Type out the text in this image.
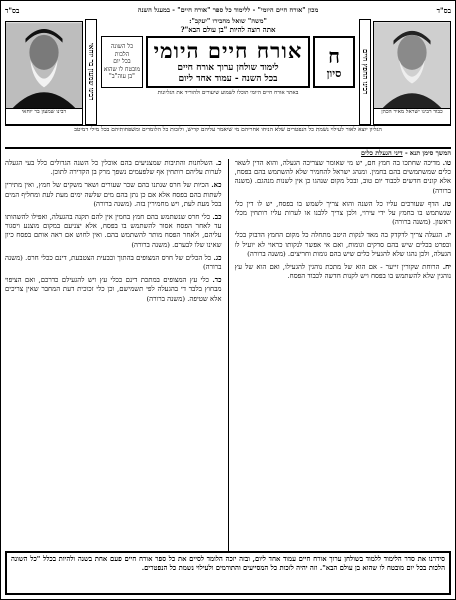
בס"ד
מכון "אורח חיים היומי" - ללימוד כל ספר "אורח חיים" - במעגל השנה
בס"ד
כבוד רבינו ישראל מאיר הכהן
רבינו החפץ חיים
רבינו שמעון בר יוחאי
רבינו שמעון בר יוחאי
"משה" שואל מחבירו "יעקב":
אתה רוצה להיות "בן עולם הבא"?
ח
סיון
אורח חיים היומי
לימוד שולחן ערוך אורח חיים
בכל השנה - עמוד אחד ליום
כל השונה
הלכות
בכל יום
מובטח לו שהוא
"בן עוה"ב"
באתר אורח חיים היומי תוכלו לשמוע שיעורים ולהוריד את הגליונות
הגליון יוצא לאור לעילוי נשמת כל הנפטרים שלא הניחו אחריהם מי שיאמר עליהם קדיש, ולזכות כל הלומדים ומשפחותיהם בכל מילי דמיטב
המשך סימן תנא
-
דיני הגעלת כלים

טו. מדיכה שחתכו בה חמץ חם, יש מי שאומר שצריכה הגעלה, והוא הדין לשאר כלים שמשתמשים בהם בחמין. ומנהג ישראל להחמיר שלא להשתמש בהם בפסח, אלא קונים חדשים לכבוד יום טוב, ובכל מקום שנהגו כן אין לשנות מנהגם. (משנה ברורה)

טז. הדף שעורכים עליו כל השנה והוא צריך לשמש בו בפסח, יש לו דין כלי שנשתמש בו בחמץ על ידי עירוי, ולכן צריך ללבנו או לערות עליו רותחין מכלי ראשון. (משנה ברורה)

יז. הגעלה צריך לדקדק בה מאד לנקות היטב מתחלה כל מקום החמץ הדבוק בכלי ובפרט בכלים שיש בהם סדקים וגומות, ואם אי אפשר לנקותו כראוי לא יועיל לו הגעלה, ולכן נהגו שלא להגעיל כלים שיש בהם גומות וחריצים. (משנה ברורה)

יח. הרוחת שקורין זייער - אם הוא של מתכת נוהגין להגעילו, ואם הוא של עץ נוהגין שלא להשתמש בו בפסח ויש לקנות חדשה לכבוד הפסח.

כ. השלחנות והתיבות שמצניעים בהם אוכלין כל השנה הגדולים כלל בעי הגעלה לערות עליהם רותחין אף שלפעמים נשפך מרק בן הקדירה לתוכן.

כא. הכיות של חרס שנתנו בהם שכר שעורים ושאר משקים של חמץ, ואין מתירין לשתות בהם בפסח אלא אם כן נתן בהם מים שלשה ימים מעת לעת ומחליף המים בכל מעת לעת, ויש מחמירין בזה. (משנה ברורה)

כב. כלי חרס שנשתמש בהם חמץ בחמין אין להם תקנה בהגעלה, ואפילו להשהותו עד לאחר הפסח אסור להשתמש בו בפסח, אלא יצניעם במקום מוצנע ויסגור עליהם, ולאחר הפסח מותר להשתמש בהם. ואין לחוש אם ראה אותם בפסח כיון שאינו שלו לבערם. (משנה ברורה)

כג. כל הכלים של חרס המצופים בהתוך וכבעית הצטבעת, דינם ככלי חרס. (משנה ברורה)

כד. כלי עץ המצופים במתכת דינם ככלי עץ ויש להגעילם כדרכם, ואם הציפוי מבחוץ בלבד די בהגעלה לפי תשמישם, וכן כלי זכוכית דעת המחבר שאין צריכים אלא שטיפה. (משנה ברורה)

סידרנו את סדר הלימוד ללמוד בשולחן ערוך אורח חיים עמוד אחד ליום, ובזה יזכה הלומד לסיים את כל ספר אורח חיים פעם אחת בשנה ולהיות בכלל "כל השונה הלכות בכל יום מובטח לו שהוא בן עולם הבא". וזה יהיה לזכות כל המסייעים והתורמים ולעילוי נשמת כל הנפטרים.
